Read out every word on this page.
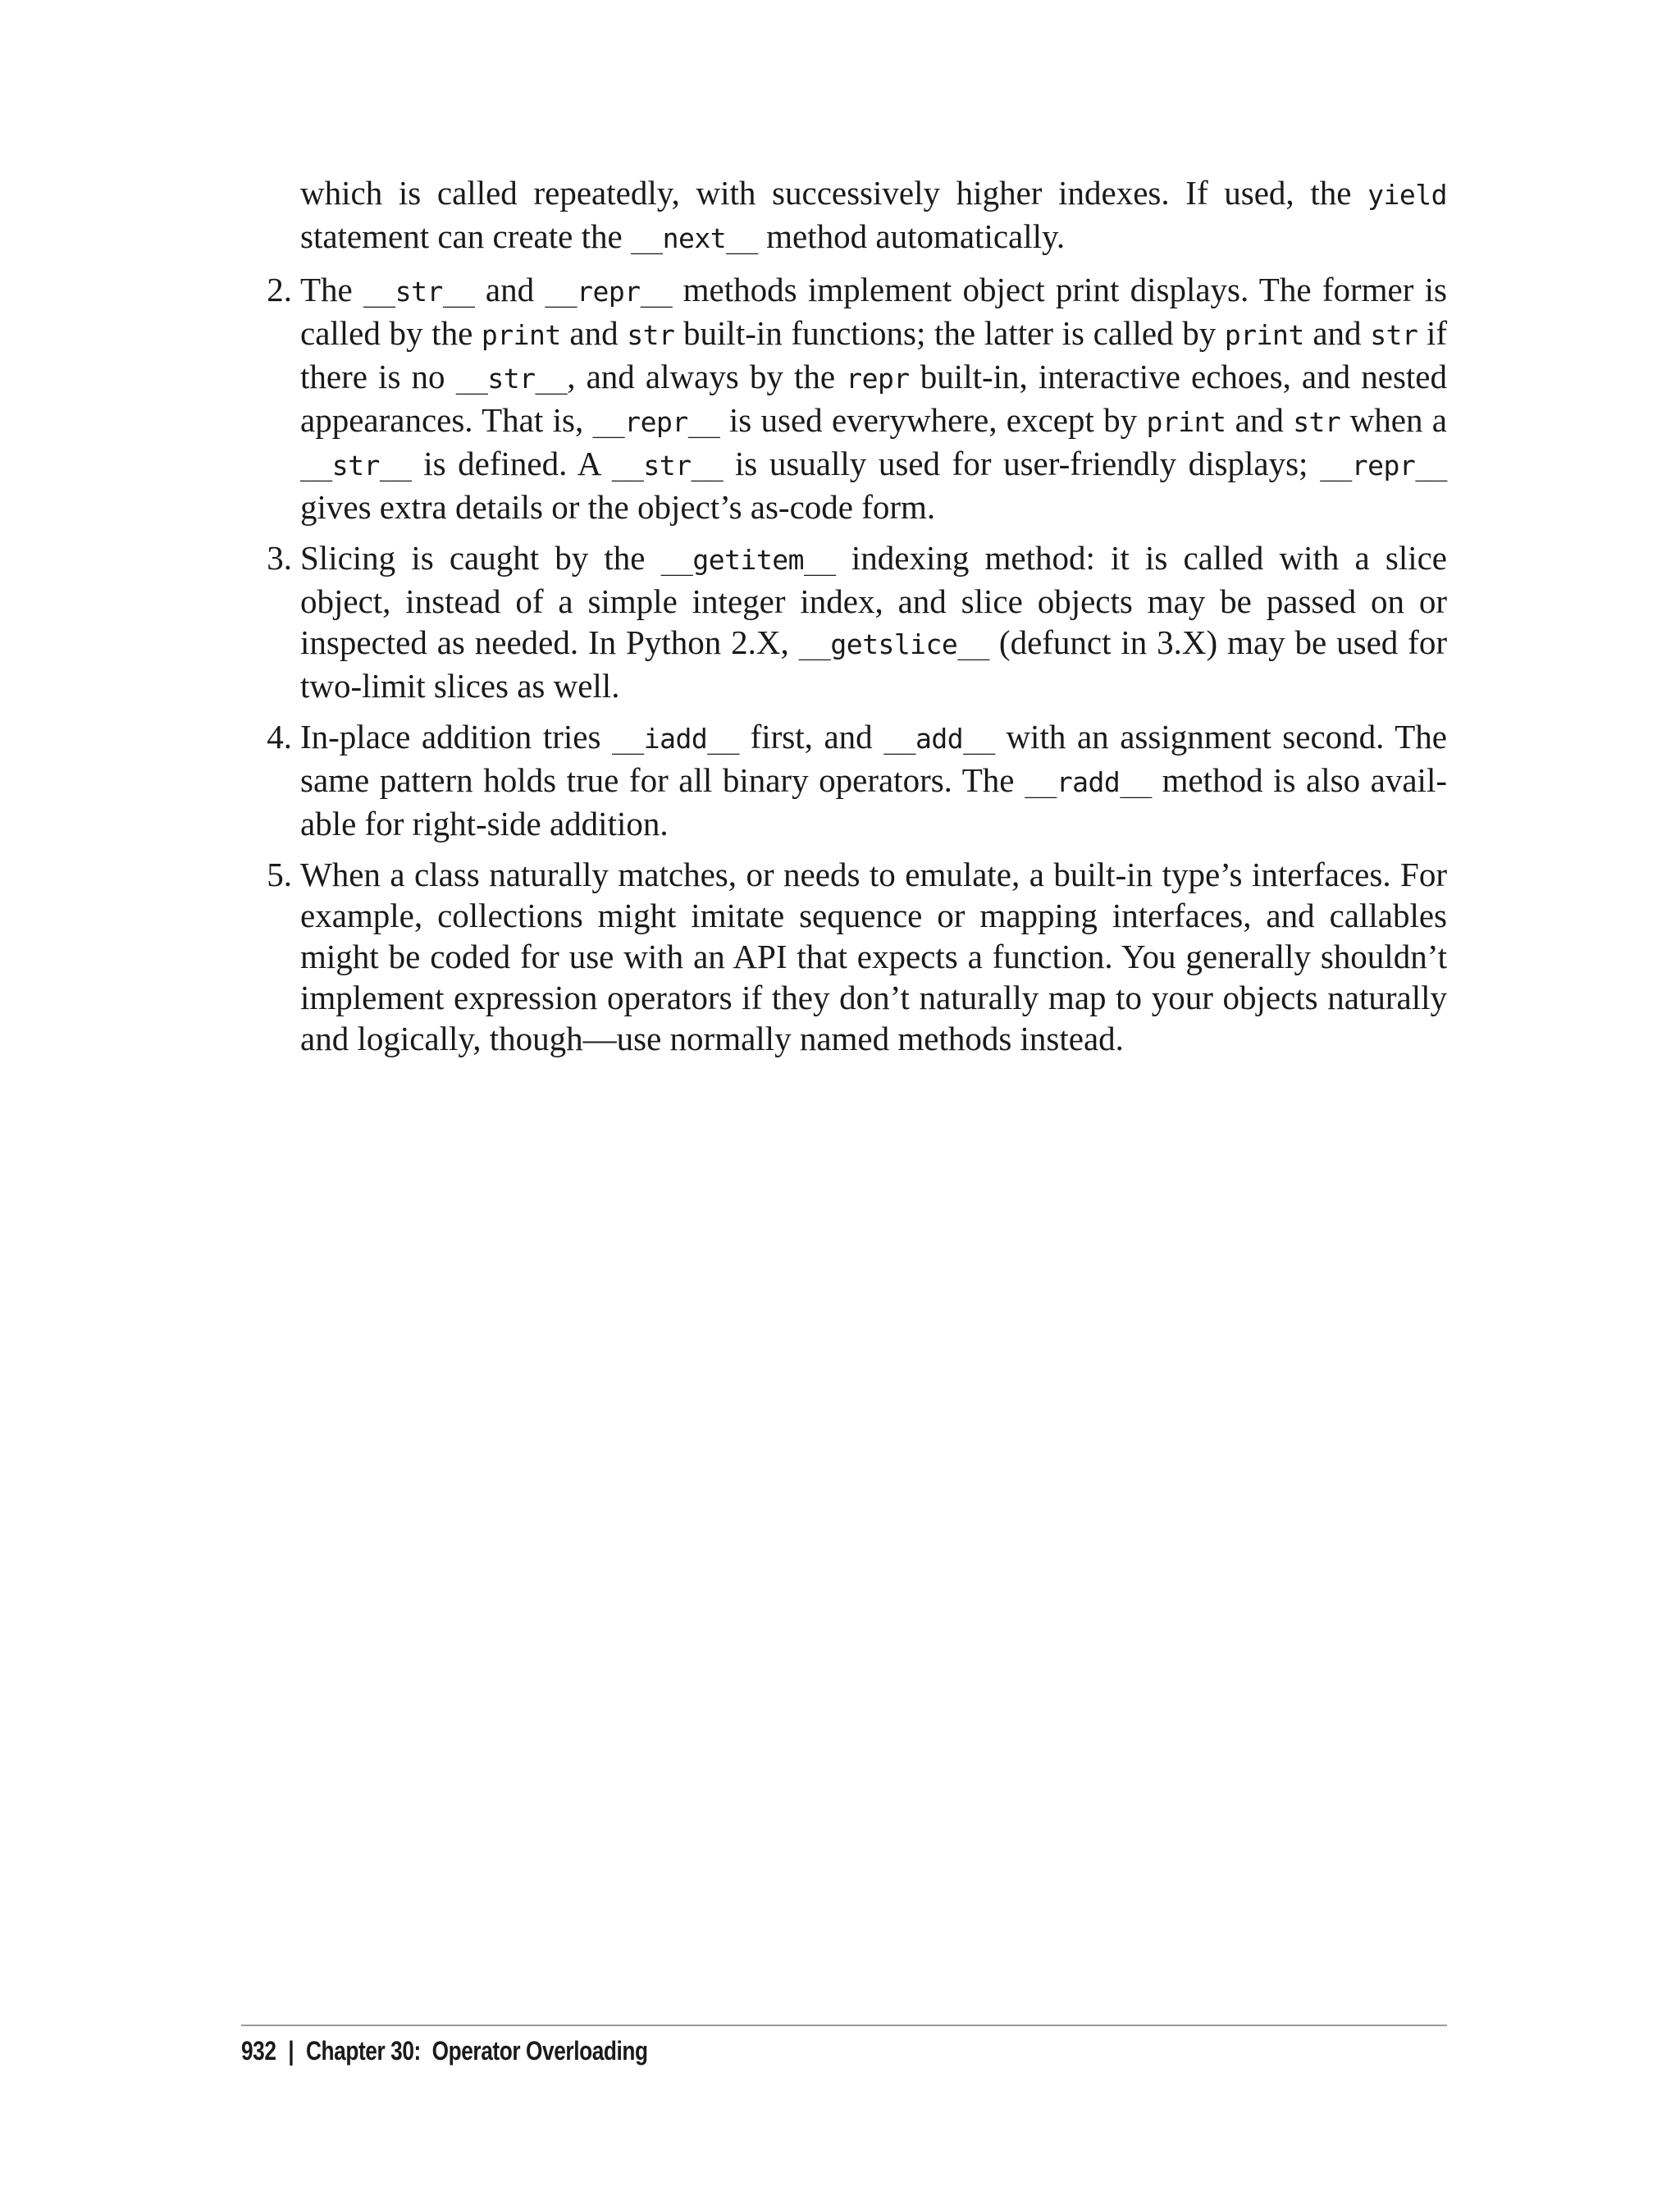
which is called repeatedly, with successively higher indexes. If used, the yield statement can create the __next__ method automatically.

2. The __str__ and __repr__ methods implement object print displays. The former is called by the print and str built-in functions; the latter is called by print and str if there is no __str__, and always by the repr built-in, interactive echoes, and nested appearances. That is, __repr__ is used everywhere, except by print and str when a __str__ is defined. A __str__ is usually used for user-friendly displays; __repr__ gives extra details or the object’s as-code form.
3. Slicing is caught by the __getitem__ indexing method: it is called with a slice object, instead of a simple integer index, and slice objects may be passed on or inspected as needed. In Python 2.X, __getslice__ (defunct in 3.X) may be used for two-limit slices as well.
4. In-place addition tries __iadd__ first, and __add__ with an assignment second. The same pattern holds true for all binary operators. The __radd__ method is also available for right-side addition.
5. When a class naturally matches, or needs to emulate, a built-in type’s interfaces. For example, collections might imitate sequence or mapping interfaces, and callables might be coded for use with an API that expects a function. You generally shouldn’t implement expression operators if they don’t naturally map to your objects naturally and logically, though—use normally named methods instead.
932 | Chapter 30:  Operator Overloading
